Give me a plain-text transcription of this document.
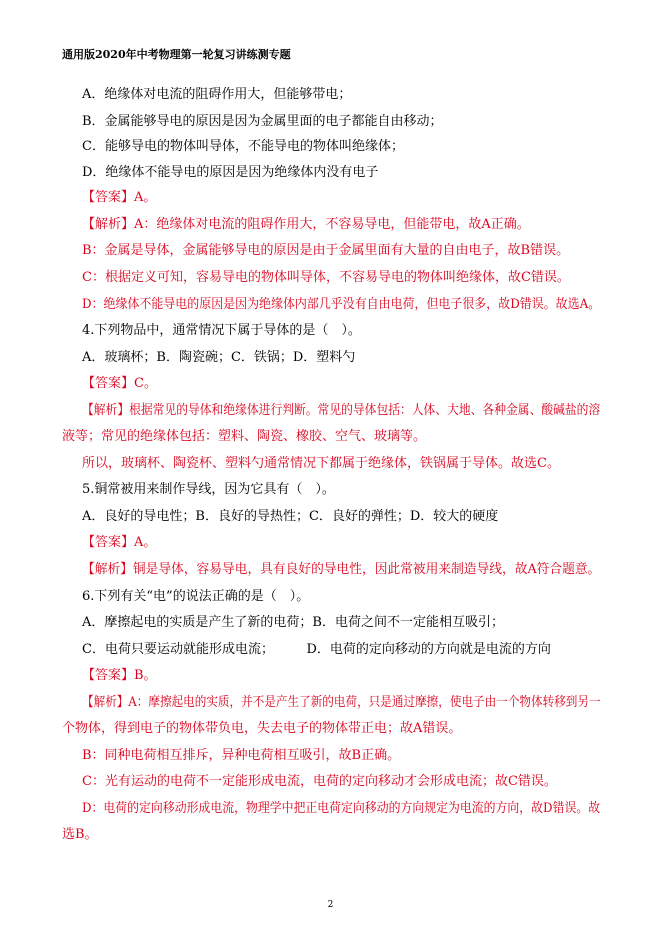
通用版2020年中考物理第一轮复习讲练测专题
A．绝缘体对电流的阻碍作用大，但能够带电；
B．金属能够导电的原因是因为金属里面的电子都能自由移动；
C．能够导电的物体叫导体，不能导电的物体叫绝缘体；
D．绝缘体不能导电的原因是因为绝缘体内没有电子
【答案】A。
【解析】A：绝缘体对电流的阻碍作用大，不容易导电，但能带电，故A正确。
B：金属是导体，金属能够导电的原因是由于金属里面有大量的自由电子，故B错误。
C：根据定义可知，容易导电的物体叫导体，不容易导电的物体叫绝缘体，故C错误。
D：绝缘体不能导电的原因是因为绝缘体内部几乎没有自由电荷，但电子很多，故D错误。故选A。
4.下列物品中，通常情况下属于导体的是（　）。
A．玻璃杯；B．陶瓷碗；C．铁锅；D．塑料勺
【答案】C。
【解析】根据常见的导体和绝缘体进行判断。常见的导体包括：人体、大地、各种金属、酸碱盐的溶
液等；常见的绝缘体包括：塑料、陶瓷、橡胶、空气、玻璃等。
所以，玻璃杯、陶瓷杯、塑料勺通常情况下都属于绝缘体，铁锅属于导体。故选C。
5.铜常被用来制作导线，因为它具有（　）。
A．良好的导电性；B．良好的导热性；C．良好的弹性；D．较大的硬度
【答案】A。
【解析】铜是导体，容易导电，具有良好的导电性，因此常被用来制造导线，故A符合题意。
6.下列有关“电”的说法正确的是（　）。
A．摩擦起电的实质是产生了新的电荷；B．电荷之间不一定能相互吸引；
C．电荷只要运动就能形成电流；　　　D．电荷的定向移动的方向就是电流的方向
【答案】B。
【解析】A：摩擦起电的实质，并不是产生了新的电荷，只是通过摩擦，使电子由一个物体转移到另一
个物体，得到电子的物体带负电，失去电子的物体带正电；故A错误。
B：同种电荷相互排斥，异种电荷相互吸引，故B正确。
C：光有运动的电荷不一定能形成电流，电荷的定向移动才会形成电流；故C错误。
D：电荷的定向移动形成电流，物理学中把正电荷定向移动的方向规定为电流的方向，故D错误。故
选B。
2
